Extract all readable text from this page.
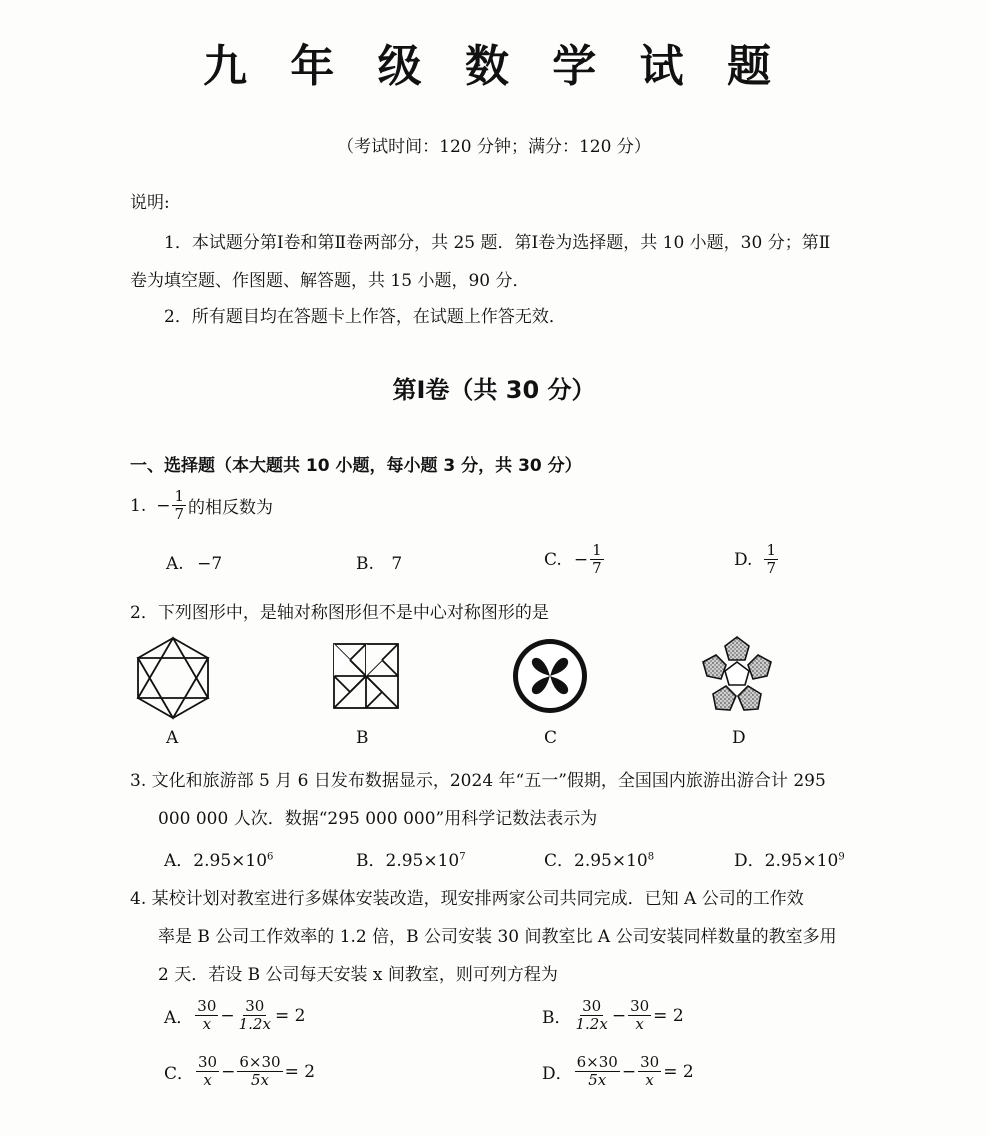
九 年 级 数 学 试 题
（考试时间：120 分钟；满分：120 分）
说明:
1．本试题分第Ⅰ卷和第Ⅱ卷两部分，共 25 题．第Ⅰ卷为选择题，共 10 小题，30 分；第Ⅱ
卷为填空题、作图题、解答题，共 15 小题，90 分．
2．所有题目均在答题卡上作答，在试题上作答无效．
第Ⅰ卷（共 30 分）
一、选择题（本大题共 10 小题，每小题 3 分，共 30 分）
1. − $\frac{1}{7}$ 的相反数为
A. −7	B. 7	C. − $\frac{1}{7}$	D. $\frac{1}{7}$
2．下列图形中，是轴对称图形但不是中心对称图形的是
A	B	C	D
3. 文化和旅游部 5 月 6 日发布数据显示，2024 年“五一”假期，全国国内旅游出游合计 295
000 000 人次．数据“295 000 000”用科学记数法表示为
A．$2.95\times 10^6$	B．$2.95\times 10^7$	C．$2.95\times 10^8$	D．$2.95\times 10^9$
4. 某校计划对教室进行多媒体安装改造，现安排两家公司共同完成．已知 A 公司的工作效
率是 B 公司工作效率的 1.2 倍，B 公司安装 30 间教室比 A 公司安装同样数量的教室多用
2 天．若设 B 公司每天安装 x 间教室，则可列方程为
A． $\frac{30}{x} - \frac{30}{1.2x} = 2$	B． $\frac{30}{1.2x} - \frac{30}{x} = 2$
C． $\frac{30}{x} - \frac{6\times 30}{5x} = 2$	D． $\frac{6\times 30}{5x} - \frac{30}{x} = 2$
